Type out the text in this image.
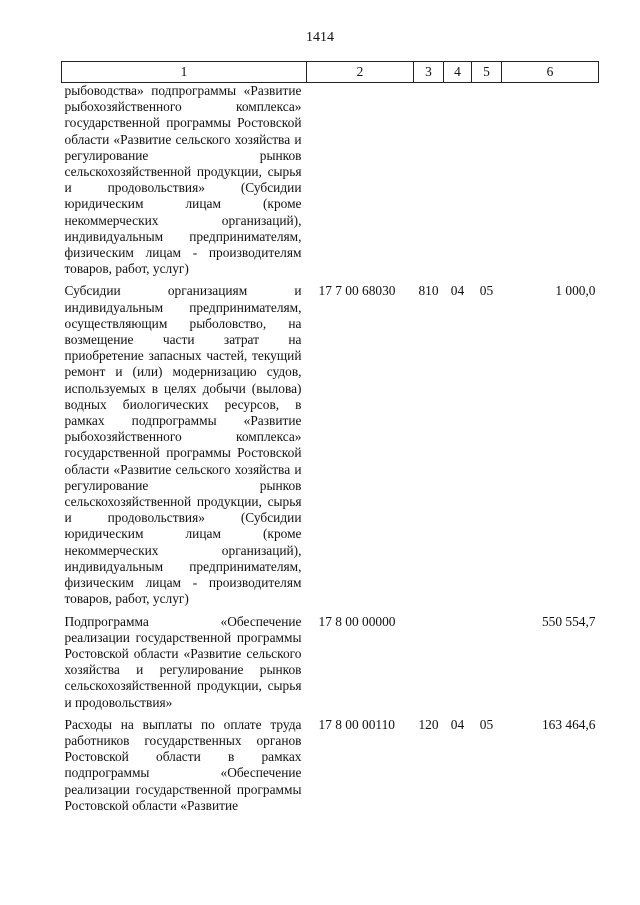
1414
1	2	3	4	5	6
рыбоводства» подпрограммы «Развитие рыбохозяйственного комплекса» государственной программы Ростовской области «Развитие сельского хозяйства и регулирование рынков сельскохозяйственной продукции, сырья и продовольствия» (Субсидии юридическим лицам (кроме некоммерческих организаций), индивидуальным предпринимателям, физическим лицам - производителям товаров, работ, услуг)					
Субсидии организациям и индивидуальным предпринимателям, осуществляющим рыболовство, на возмещение части затрат на приобретение запасных частей, текущий ремонт и (или) модернизацию судов, используемых в целях добычи (вылова) водных биологических ресурсов, в рамках подпрограммы «Развитие рыбохозяйственного комплекса» государственной программы Ростовской области «Развитие сельского хозяйства и регулирование рынков сельскохозяйственной продукции, сырья и продовольствия» (Субсидии юридическим лицам (кроме некоммерческих организаций), индивидуальным предпринимателям, физическим лицам - производителям товаров, работ, услуг)	17 7 00 68030	810	04	05	1 000,0
Подпрограмма «Обеспечение реализации государственной программы Ростовской области «Развитие сельского хозяйства и регулирование рынков сельскохозяйственной продукции, сырья и продовольствия»	17 8 00 00000				550 554,7
Расходы на выплаты по оплате труда работников государственных органов Ростовской области в рамках подпрограммы «Обеспечение реализации государственной программы Ростовской области «Развитие	17 8 00 00110	120	04	05	163 464,6
